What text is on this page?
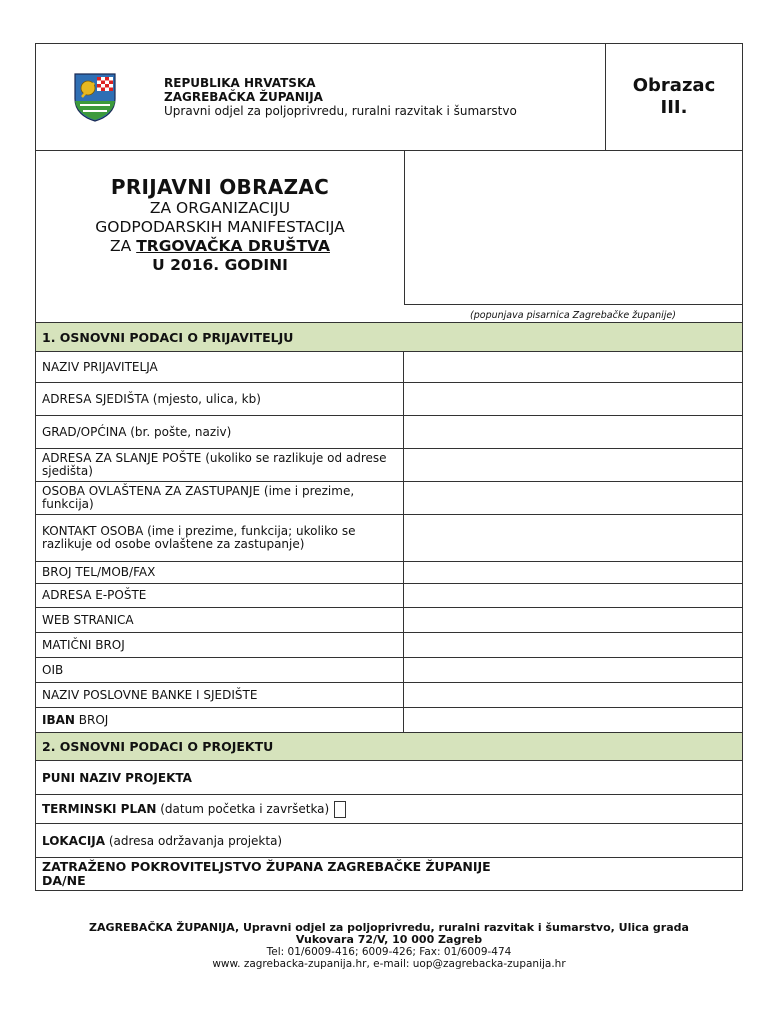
REPUBLIKA HRVATSKA
ZAGREBAČKA ŽUPANIJA
Upravni odjel za poljoprivredu, ruralni razvitak i šumarstvo
Obrazac
III.
PRIJAVNI OBRAZAC
ZA ORGANIZACIJU
GODPODARSKIH MANIFESTACIJA
ZA TRGOVAČKA DRUŠTVA
U 2016. GODINI
(popunjava pisarnica Zagrebačke županije)
1. OSNOVNI PODACI O PRIJAVITELJU
NAZIV PRIJAVITELJA
ADRESA SJEDIŠTA (mjesto, ulica, kb)
GRAD/OPĆINA (br. pošte, naziv)
ADRESA ZA SLANJE POŠTE (ukoliko se razlikuje od adrese sjedišta)
OSOBA OVLAŠTENA ZA ZASTUPANJE (ime i prezime, funkcija)
KONTAKT OSOBA (ime i prezime, funkcija; ukoliko se razlikuje od osobe ovlaštene za zastupanje)
BROJ TEL/MOB/FAX
ADRESA E-POŠTE
WEB STRANICA
MATIČNI BROJ
OIB
NAZIV POSLOVNE BANKE I SJEDIŠTE
IBAN BROJ
2. OSNOVNI PODACI O PROJEKTU
PUNI NAZIV PROJEKTA
TERMINSKI PLAN (datum početka i završetka)
LOKACIJA (adresa održavanja projekta)
ZATRAŽENO POKROVITELJSTVO ŽUPANA ZAGREBAČKE ŽUPANIJE
DA/NE
ZAGREBAČKA ŽUPANIJA, Upravni odjel za poljoprivredu, ruralni razvitak i šumarstvo, Ulica grada
Vukovara 72/V, 10 000 Zagreb
Tel: 01/6009-416; 6009-426; Fax: 01/6009-474
www. zagrebacka-zupanija.hr, e-mail: uop@zagrebacka-zupanija.hr
